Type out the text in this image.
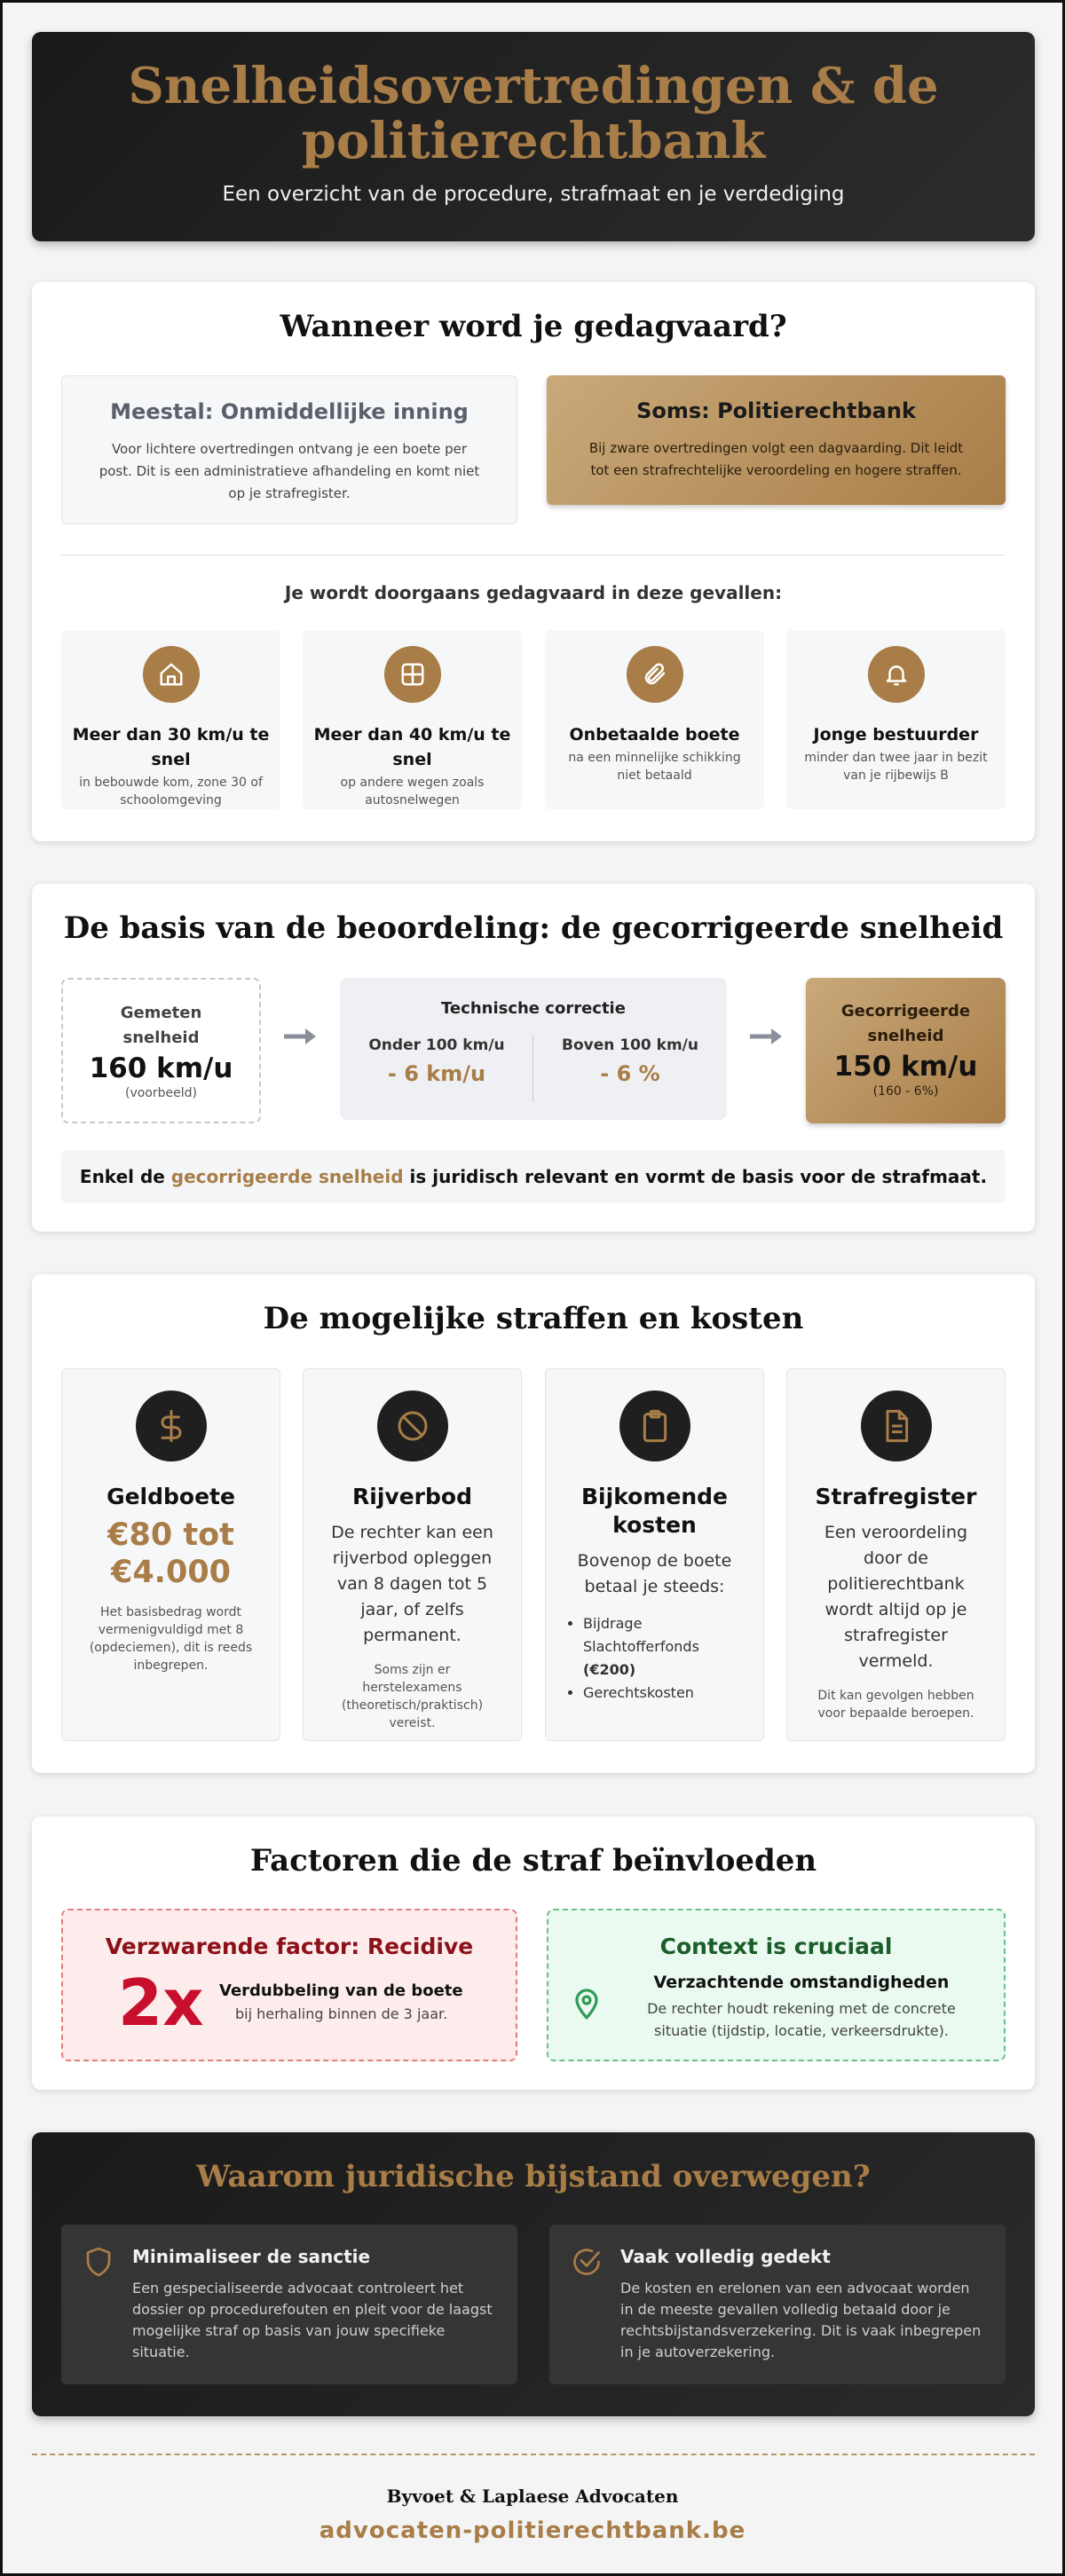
Snelheidsovertredingen & de politierechtbank
Een overzicht van de procedure, strafmaat en je verdediging
Wanneer word je gedagvaard?
Meestal: Onmiddellijke inning
Voor lichtere overtredingen ontvang je een boete per post. Dit is een administratieve afhandeling en komt niet op je strafregister.
Soms: Politierechtbank
Bij zware overtredingen volgt een dagvaarding. Dit leidt tot een strafrechtelijke veroordeling en hogere straffen.
Je wordt doorgaans gedagvaard in deze gevallen:
Meer dan 30 km/u te snel
in bebouwde kom, zone 30 of schoolomgeving
Meer dan 40 km/u te snel
op andere wegen zoals autosnelwegen
Onbetaalde boete
na een minnelijke schikking niet betaald
Jonge bestuurder
minder dan twee jaar in bezit van je rijbewijs B
De basis van de beoordeling: de gecorrigeerde snelheid
Gemeten snelheid
160 km/u
(voorbeeld)
Technische correctie
Onder 100 km/u
- 6 km/u
Boven 100 km/u
- 6 %
Gecorrigeerde snelheid
150 km/u
(160 - 6%)
Enkel de gecorrigeerde snelheid is juridisch relevant en vormt de basis voor de strafmaat.
De mogelijke straffen en kosten
Geldboete
€80 tot €4.000
Het basisbedrag wordt vermenigvuldigd met 8 (opdeciemen), dit is reeds inbegrepen.
Rijverbod
De rechter kan een rijverbod opleggen van 8 dagen tot 5 jaar, of zelfs permanent.
Soms zijn er herstelexamens (theoretisch/praktisch) vereist.
Bijkomende kosten
Bovenop de boete betaal je steeds:
• Bijdrage Slachtofferfonds (€200)
• Gerechtskosten
Strafregister
Een veroordeling door de politierechtbank wordt altijd op je strafregister vermeld.
Dit kan gevolgen hebben voor bepaalde beroepen.
Factoren die de straf beïnvloeden
Verzwarende factor: Recidive
2x Verdubbeling van de boete
bij herhaling binnen de 3 jaar.
Context is cruciaal
Verzachtende omstandigheden
De rechter houdt rekening met de concrete situatie (tijdstip, locatie, verkeersdrukte).
Waarom juridische bijstand overwegen?
Minimaliseer de sanctie
Een gespecialiseerde advocaat controleert het dossier op procedurefouten en pleit voor de laagst mogelijke straf op basis van jouw specifieke situatie.
Vaak volledig gedekt
De kosten en erelonen van een advocaat worden in de meeste gevallen volledig betaald door je rechtsbijstandsverzekering. Dit is vaak inbegrepen in je autoverzekering.
Byvoet & Laplaese Advocaten
advocaten-politierechtbank.be
